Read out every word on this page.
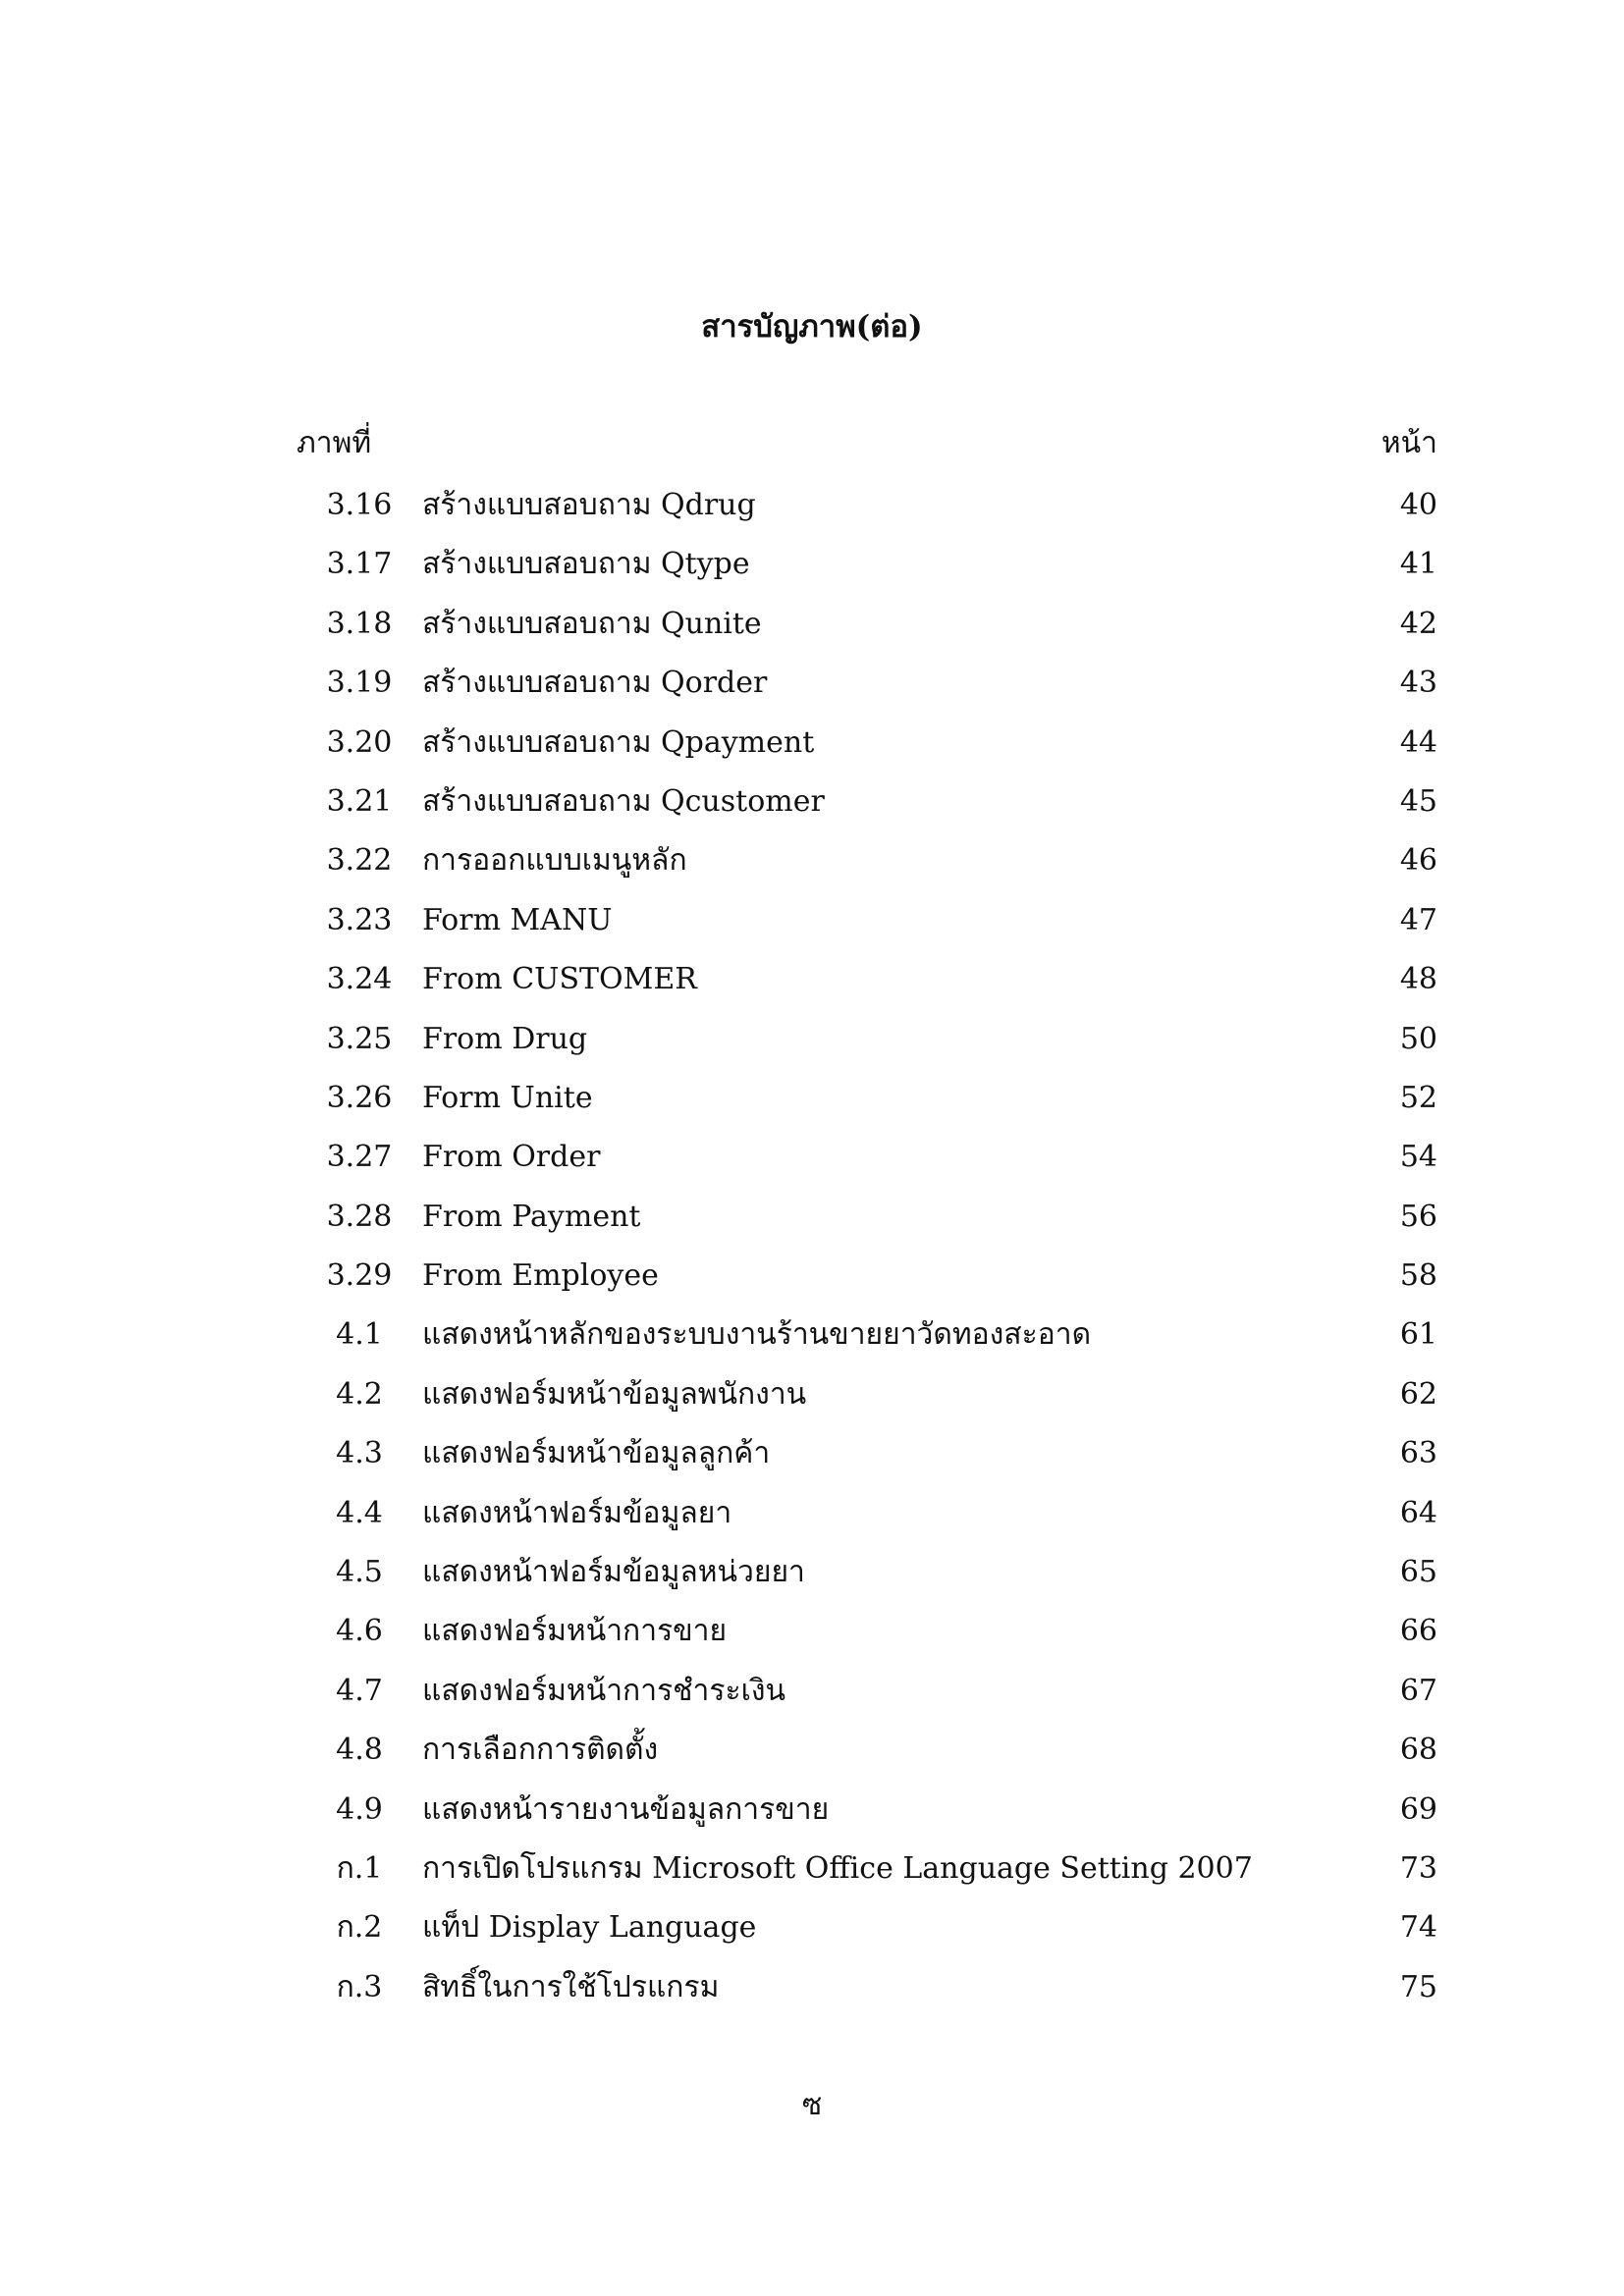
สารบัญภาพ(ต่อ)
ภาพที่	หน้า
3.16 สร้างแบบสอบถาม Qdrug	40
3.17 สร้างแบบสอบถาม Qtype	41
3.18 สร้างแบบสอบถาม Qunite	42
3.19 สร้างแบบสอบถาม Qorder	43
3.20 สร้างแบบสอบถาม Qpayment	44
3.21 สร้างแบบสอบถาม Qcustomer	45
3.22 การออกแบบเมนูหลัก	46
3.23 Form MANU	47
3.24 From CUSTOMER	48
3.25 From Drug	50
3.26 Form Unite	52
3.27 From Order	54
3.28 From Payment	56
3.29 From Employee	58
4.1	แสดงหน้าหลักของระบบงานร้านขายยาวัดทองสะอาด	61
4.2	แสดงฟอร์มหน้าข้อมูลพนักงาน	62
4.3	แสดงฟอร์มหน้าข้อมูลลูกค้า	63
4.4	แสดงหน้าฟอร์มข้อมูลยา	64
4.5	แสดงหน้าฟอร์มข้อมูลหน่วยยา	65
4.6	แสดงฟอร์มหน้าการขาย	66
4.7	แสดงฟอร์มหน้าการชำระเงิน	67
4.8	การเลือกการติดตั้ง	68
4.9	แสดงหน้ารายงานข้อมูลการขาย	69
ก.1	การเปิดโปรแกรม Microsoft Office Language Setting 2007	73
ก.2	แท็ป Display Language	74
ก.3	สิทธิ์ในการใช้โปรแกรม	75
ซ
